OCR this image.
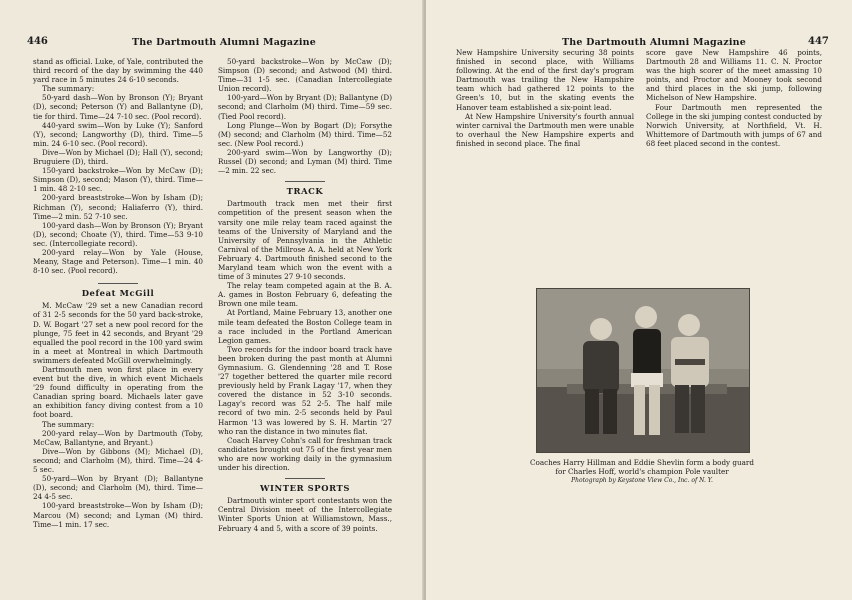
446	The Dartmouth Alumni Magazine

stand as official. Luke, of Yale, contributed the third record of the day by swimming the 440 yard race in 5 minutes 24 6-10 seconds.

The summary:

50-yard dash—Won by Bronson (Y); Bryant (D), second; Peterson (Y) and Ballantyne (D), tie for third. Time—24 7-10 sec. (Pool record).

440-yard swim—Won by Luke (Y); Sanford (Y), second; Langworthy (D), third. Time—5 min. 24 6-10 sec. (Pool record).

Dive—Won by Michael (D); Hall (Y), second; Bruguiere (D), third.

150-yard backstroke—Won by McCaw (D); Simpson (D), second; Mason (Y), third. Time—1 min. 48 2-10 sec.

200-yard breaststroke—Won by Isham (D); Richman (Y), second; Haliaferro (Y), third. Time—2 min. 52 7-10 sec.

100-yard dash—Won by Bronson (Y); Bryant (D), second; Choate (Y), third. Time—53 9-10 sec. (Intercollegiate record).

200-yard relay—Won by Yale (House, Meany, Stage and Peterson). Time—1 min. 40 8-10 sec. (Pool record).

Defeat McGill

M. McCaw '29 set a new Canadian record of 31 2-5 seconds for the 50 yard back-stroke, D. W. Bogart '27 set a new pool record for the plunge, 75 feet in 42 seconds, and Bryant '29 equalled the pool record in the 100 yard swim in a meet at Montreal in which Dartmouth swimmers defeated McGill overwhelmingly.

Dartmouth men won first place in every event but the dive, in which event Michaels '29 found difficulty in operating from the Canadian spring board. Michaels later gave an exhibition fancy diving contest from a 10 foot board.

The summary:

200-yard relay—Won by Dartmouth (Toby, McCaw, Ballantyne, and Bryant.)

Dive—Won by Gibbons (M); Michael (D), second; and Clarholm (M), third. Time—24 4-5 sec.

50-yard—Won by Bryant (D); Ballantyne (D), second; and Clarholm (M), third. Time—24 4-5 sec.

100-yard breaststroke—Won by Isham (D); Marcou (M) second; and Lyman (M) third. Time—1 min. 17 sec.

50-yard backstroke—Won by McCaw (D); Simpson (D) second; and Astwood (M) third. Time—31 1-5 sec. (Canadian Intercollegiate Union record).

100-yard—Won by Bryant (D); Ballantyne (D) second; and Clarholm (M) third. Time—59 sec. (Tied Pool record).

Long Plunge—Won by Bogart (D); Forsythe (M) second; and Clarholm (M) third. Time—52 sec. (New Pool record.)

200-yard swim—Won by Langworthy (D); Russel (D) second; and Lyman (M) third. Time—2 min. 22 sec.

TRACK

Dartmouth track men met their first competition of the present season when the varsity one mile relay team raced against the teams of the University of Maryland and the University of Pennsylvania in the Athletic Carnival of the Millrose A. A. held at New York February 4. Dartmouth finished second to the Maryland team which won the event with a time of 3 minutes 27 9-10 seconds.

The relay team competed again at the B. A. A. games in Boston February 6, defeating the Brown one mile team.

At Portland, Maine February 13, another one mile team defeated the Boston College team in a race included in the Portland American Legion games.

Two records for the indoor board track have been broken during the past month at Alumni Gymnasium. G. Glendenning '28 and T. Rose '27 together bettered the quarter mile record previously held by Frank Lagay '17, when they covered the distance in 52 3-10 seconds. Lagay's record was 52 2-5. The half mile record of two min. 2-5 seconds held by Paul Harmon '13 was lowered by S. H. Martin '27 who ran the distance in two minutes flat.

Coach Harvey Cohn's call for freshman track candidates brought out 75 of the first year men who are now working daily in the gymnasium under his direction.

WINTER SPORTS

Dartmouth winter sport contestants won the Central Division meet of the Intercollegiate Winter Sports Union at Williamstown, Mass., February 4 and 5, with a score of 39 points.

The Dartmouth Alumni Magazine	447

New Hampshire University securing 38 points finished in second place, with Williams following. At the end of the first day's program Dartmouth was trailing the New Hampshire team which had gathered 12 points to the Green's 10, but in the skating events the Hanover team established a six-point lead.

At New Hampshire University's fourth annual winter carnival the Dartmouth men were unable to overhaul the New Hampshire experts and finished in second place. The final

score gave New Hampshire 46 points, Dartmouth 28 and Williams 11. C. N. Proctor was the high scorer of the meet amassing 10 points, and Proctor and Mooney took second and third places in the ski jump, following Michelson of New Hampshire.

Four Dartmouth men represented the College in the ski jumping contest conducted by Norwich University, at Northfield, Vt. H. Whittemore of Dartmouth with jumps of 67 and 68 feet placed second in the contest.

Coaches Harry Hillman and Eddie Shevlin form a body guard for Charles Hoff, world's champion Pole vaulter
Photograph by Keystone View Co., Inc. of N. Y.
